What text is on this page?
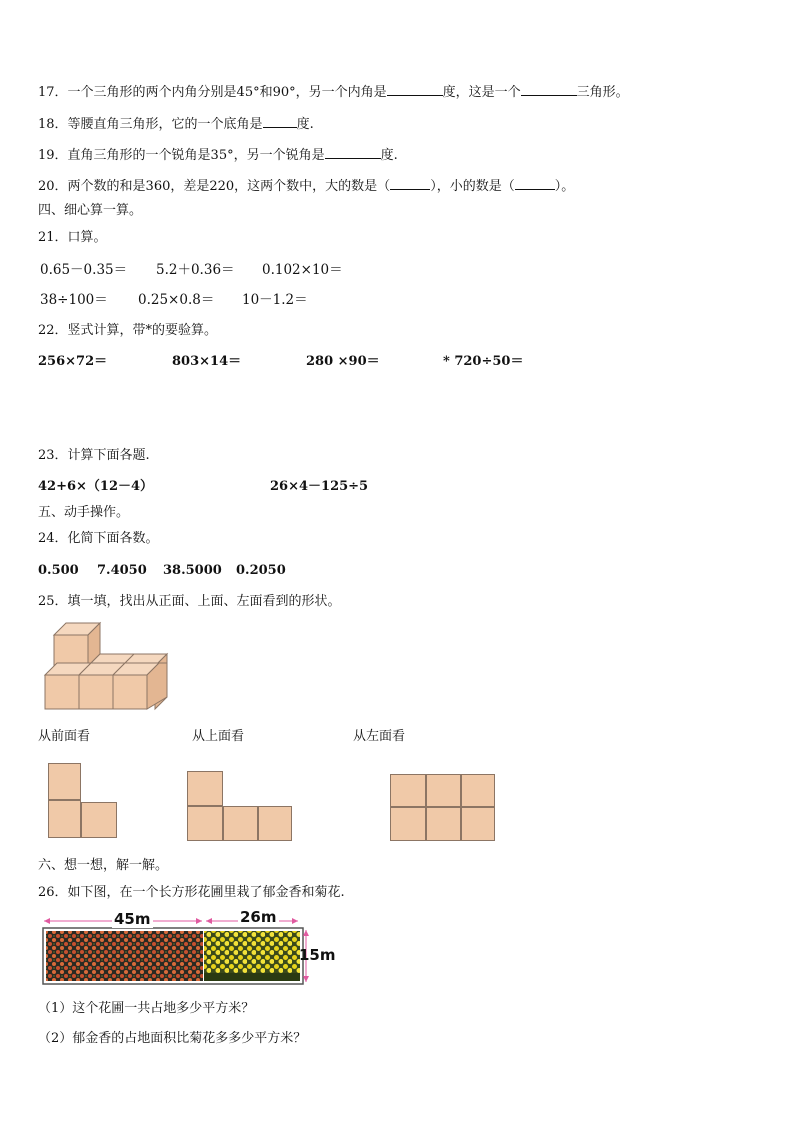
17．一个三角形的两个内角分别是45°和90°，另一个内角是	度，这是一个	三角形。
18．等腰直角三角形，它的一个底角是	度.
19．直角三角形的一个锐角是35°，另一个锐角是	度.
20．两个数的和是360，差是220，这两个数中，大的数是（	），小的数是（	）。
四、细心算一算。
21．口算。
0.65－0.35＝ 5.2＋0.36＝ 0.102×10＝
38÷100＝ 0.25×0.8＝ 10－1.2＝
22．竖式计算，带*的要验算。
256×72＝	803×14＝	280 ×90＝	* 720÷50＝
23．计算下面各题.
42+6×（12－4）	26×4－125÷5
五、动手操作。
24．化简下面各数。
0.500 7.4050 38.5000 0.2050
25．填一填，找出从正面、上面、左面看到的形状。
从前面看	从上面看	从左面看
六、想一想，解一解。
26．如下图，在一个长方形花圃里栽了郁金香和菊花.
45m	26m
15m
（1）这个花圃一共占地多少平方米？
（2）郁金香的占地面积比菊花多多少平方米？
